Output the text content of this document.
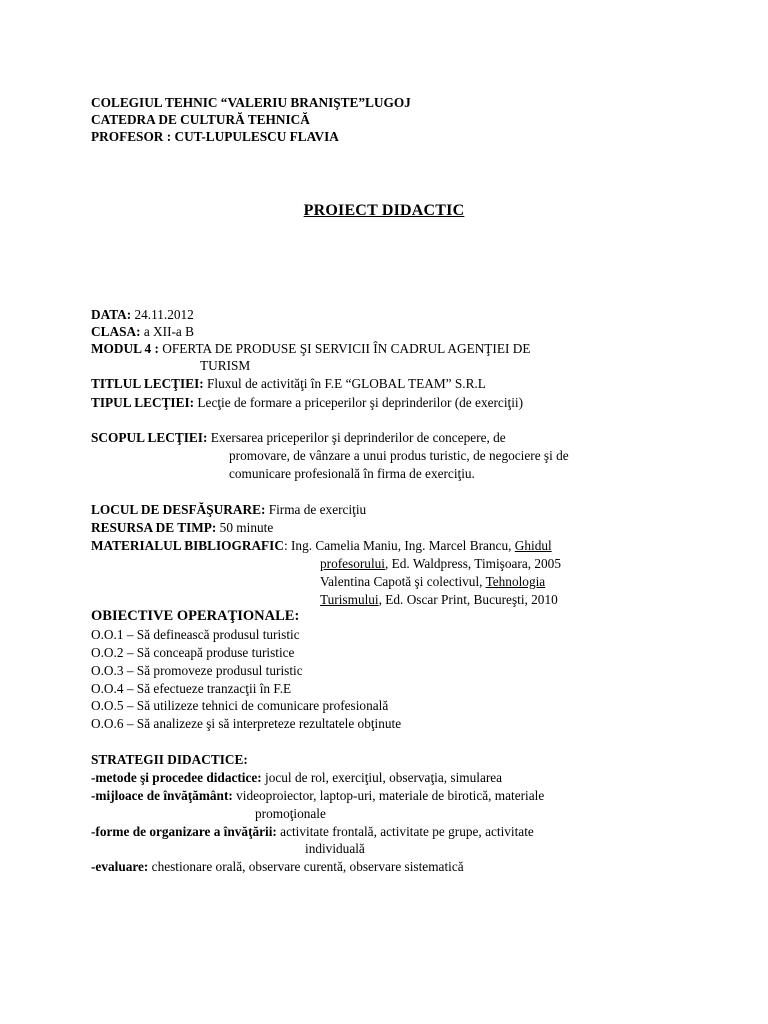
COLEGIUL TEHNIC “VALERIU BRANIŞTE”LUGOJ
CATEDRA DE CULTURĂ TEHNICĂ
PROFESOR : CUT-LUPULESCU FLAVIA
PROIECT DIDACTIC
DATA: 24.11.2012
CLASA: a XII-a B
MODUL 4 : OFERTA DE PRODUSE ŞI SERVICII ÎN CADRUL AGENŢIEI DE
TURISM
TITLUL LECŢIEI: Fluxul de activităţi în F.E “GLOBAL TEAM” S.R.L
TIPUL LECŢIEI: Lecţie de formare a priceperilor şi deprinderilor (de exerciţii)
SCOPUL LECŢIEI: Exersarea priceperilor şi deprinderilor de concepere, de
promovare, de vânzare a unui produs turistic, de negociere şi de
comunicare profesională în firma de exerciţiu.
LOCUL DE DESFĂŞURARE: Firma de exerciţiu
RESURSA DE TIMP: 50 minute
MATERIALUL BIBLIOGRAFIC: Ing. Camelia Maniu, Ing. Marcel Brancu, Ghidul
profesorului, Ed. Waldpress, Timişoara, 2005
Valentina Capotă şi colectivul, Tehnologia
Turismului, Ed. Oscar Print, Bucureşti, 2010
OBIECTIVE OPERAŢIONALE:
O.O.1 – Să definească produsul turistic
O.O.2 – Să conceapă produse turistice
O.O.3 – Să promoveze produsul turistic
O.O.4 – Să efectueze tranzacţii în F.E
O.O.5 – Să utilizeze tehnici de comunicare profesională
O.O.6 – Să analizeze şi să interpreteze rezultatele obţinute
STRATEGII DIDACTICE:
-metode şi procedee didactice: jocul de rol, exerciţiul, observaţia, simularea
-mijloace de învăţământ: videoproiector, laptop-uri, materiale de birotică, materiale
promoţionale
-forme de organizare a învăţării: activitate frontală, activitate pe grupe, activitate
individuală
-evaluare: chestionare orală, observare curentă, observare sistematică
